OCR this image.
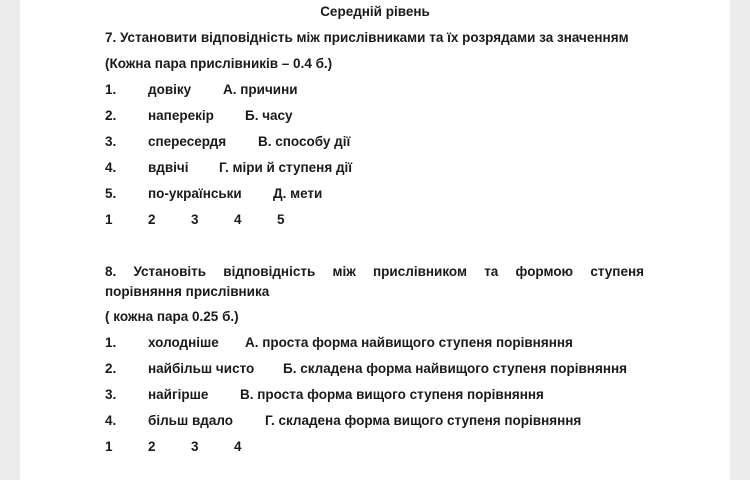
Середній рівень
7. Установити відповідність між прислівниками та їх розрядами за значенням
(Кожна пара прислівників – 0.4 б.)
1. довіку А. причини
2. наперекір Б. часу
3. спересердя В. способу дії
4. вдвічі Г. міри й ступеня дії
5. по-українськи Д. мети
1	2	3	4	5
8. Установіть відповідність між прислівником та формою ступеня
порівняння прислівника
( кожна пара 0.25 б.)
1. холодніше А. проста форма найвищого ступеня порівняння
2. найбільш чисто Б. складена форма найвищого ступеня порівняння
3. найгірше В. проста форма вищого ступеня порівняння
4. більш вдало Г. складена форма вищого ступеня порівняння
1	2	3	4
